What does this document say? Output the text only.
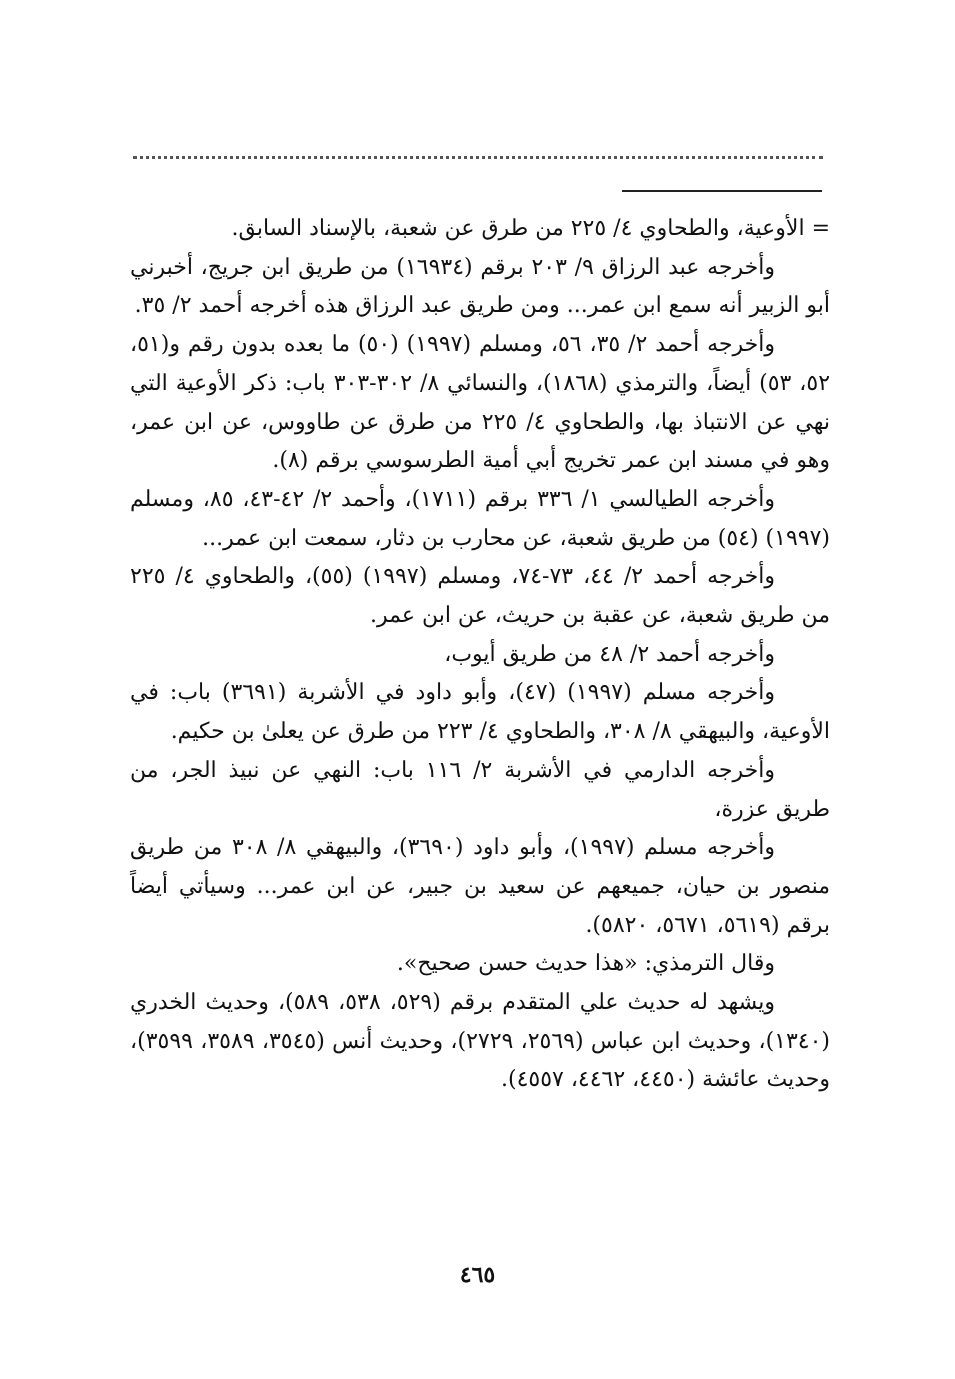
= الأوعية، والطحاوي ٤/ ٢٢٥ من طرق عن شعبة، بالإسناد السابق.

وأخرجه عبد الرزاق ٩/ ٢٠٣ برقم (١٦٩٣٤) من طريق ابن جريج، أخبرني أبو الزبير أنه سمع ابن عمر... ومن طريق عبد الرزاق هذه أخرجه أحمد ٢/ ٣٥.

وأخرجه أحمد ٢/ ٣٥، ٥٦، ومسلم (١٩٩٧) (٥٠) ما بعده بدون رقم و(٥١، ٥٢، ٥٣) أيضاً، والترمذي (١٨٦٨)، والنسائي ٨/ ٣٠٢-٣٠٣ باب: ذكر الأوعية التي نهي عن الانتباذ بها، والطحاوي ٤/ ٢٢٥ من طرق عن طاووس، عن ابن عمر، وهو في مسند ابن عمر تخريج أبي أمية الطرسوسي برقم (٨).

وأخرجه الطيالسي ١/ ٣٣٦ برقم (١٧١١)، وأحمد ٢/ ٤٢-٤٣، ٨٥، ومسلم (١٩٩٧) (٥٤) من طريق شعبة، عن محارب بن دثار، سمعت ابن عمر...

وأخرجه أحمد ٢/ ٤٤، ٧٣-٧٤، ومسلم (١٩٩٧) (٥٥)، والطحاوي ٤/ ٢٢٥ من طريق شعبة، عن عقبة بن حريث، عن ابن عمر.

وأخرجه أحمد ٢/ ٤٨ من طريق أيوب،

وأخرجه مسلم (١٩٩٧) (٤٧)، وأبو داود في الأشربة (٣٦٩١) باب: في الأوعية، والبيهقي ٨/ ٣٠٨، والطحاوي ٤/ ٢٢٣ من طرق عن يعلىٰ بن حكيم.

وأخرجه الدارمي في الأشربة ٢/ ١١٦ باب: النهي عن نبيذ الجر، من طريق عزرة،

وأخرجه مسلم (١٩٩٧)، وأبو داود (٣٦٩٠)، والبيهقي ٨/ ٣٠٨ من طريق منصور بن حيان، جميعهم عن سعيد بن جبير، عن ابن عمر... وسيأتي أيضاً برقم (٥٦١٩، ٥٦٧١، ٥٨٢٠).

وقال الترمذي: «هذا حديث حسن صحيح».

ويشهد له حديث علي المتقدم برقم (٥٢٩، ٥٣٨، ٥٨٩)، وحديث الخدري (١٣٤٠)، وحديث ابن عباس (٢٥٦٩، ٢٧٢٩)، وحديث أنس (٣٥٤٥، ٣٥٨٩، ٣٥٩٩)، وحديث عائشة (٤٤٥٠، ٤٤٦٢، ٤٥٥٧).

٤٦٥
